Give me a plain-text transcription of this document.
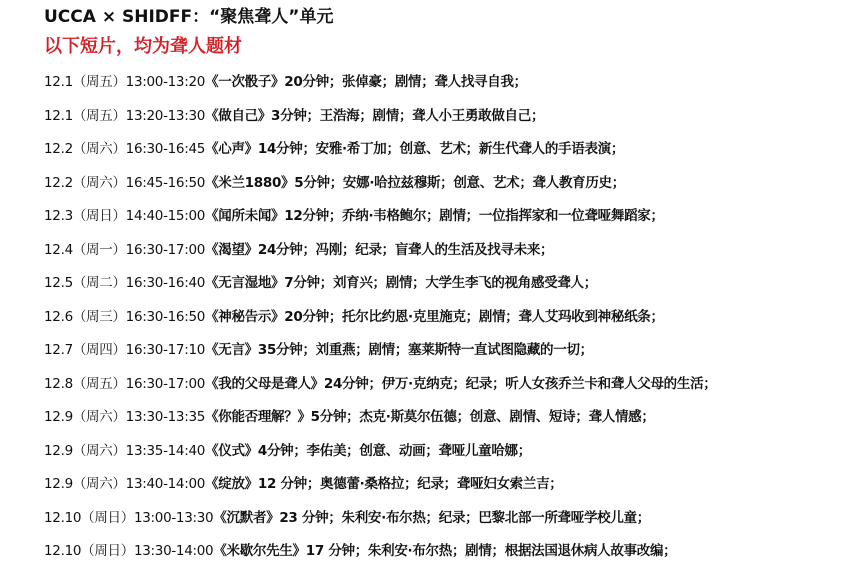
UCCA × SHIDFF：“聚焦聋人”单元
以下短片，均为聋人题材
12.1（周五）13:00-13:20《一次骰子》20分钟；张倬豪；剧情；聋人找寻自我；
12.1（周五）13:20-13:30《做自己》3分钟；王浩海；剧情；聋人小王勇敢做自己；
12.2（周六）16:30-16:45《心声》14分钟；安雅·希丁加；创意、艺术；新生代聋人的手语表演；
12.2（周六）16:45-16:50《米兰1880》5分钟；安娜·哈拉兹穆斯；创意、艺术；聋人教育历史；
12.3（周日）14:40-15:00《闻所未闻》12分钟；乔纳·韦格鲍尔；剧情；一位指挥家和一位聋哑舞蹈家；
12.4（周一）16:30-17:00《渴望》24分钟；冯刚；纪录；盲聋人的生活及找寻未来；
12.5（周二）16:30-16:40《无言湿地》7分钟；刘育兴；剧情；大学生李飞的视角感受聋人；
12.6（周三）16:30-16:50《神秘告示》20分钟；托尔比约恩·克里施克；剧情；聋人艾玛收到神秘纸条；
12.7（周四）16:30-17:10《无言》35分钟；刘重燕；剧情；塞莱斯特一直试图隐藏的一切；
12.8（周五）16:30-17:00《我的父母是聋人》24分钟；伊万·克纳克；纪录；听人女孩乔兰卡和聋人父母的生活；
12.9（周六）13:30-13:35《你能否理解？》5分钟；杰克·斯莫尔伍德；创意、剧情、短诗；聋人情感；
12.9（周六）13:35-14:40《仪式》4分钟；李佑美；创意、动画；聋哑儿童哈娜；
12.9（周六）13:40-14:00《绽放》12 分钟；奥德蕾·桑格拉；纪录；聋哑妇女索兰吉；
12.10（周日）13:00-13:30《沉默者》23 分钟；朱利安·布尔热；纪录；巴黎北部一所聋哑学校儿童；
12.10（周日）13:30-14:00《米歇尔先生》17 分钟；朱利安·布尔热；剧情；根据法国退休病人故事改编；
